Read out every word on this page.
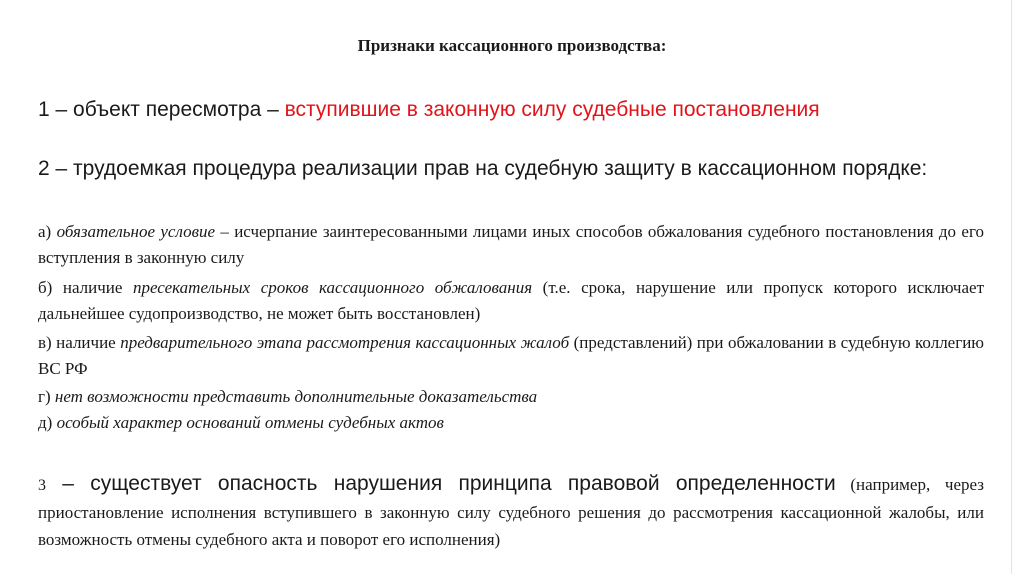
Признаки кассационного производства:
1 – объект пересмотра – вступившие в законную силу судебные постановления
2 – трудоемкая процедура реализации прав на судебную защиту в кассационном порядке:
а) обязательное условие – исчерпание заинтересованными лицами иных способов обжалования судебного постановления до его вступления в законную силу
б) наличие пресекательных сроков кассационного обжалования (т.е. срока, нарушение или пропуск которого исключает дальнейшее судопроизводство, не может быть восстановлен)
в) наличие предварительного этапа рассмотрения кассационных жалоб (представлений) при обжаловании в судебную коллегию ВС РФ
г) нет возможности представить дополнительные доказательства
д) особый характер оснований отмены судебных актов
3 – существует опасность нарушения принципа правовой определенности (например, через приостановление исполнения вступившего в законную силу судебного решения до рассмотрения кассационной жалобы, или возможность отмены судебного акта и поворот его исполнения)
